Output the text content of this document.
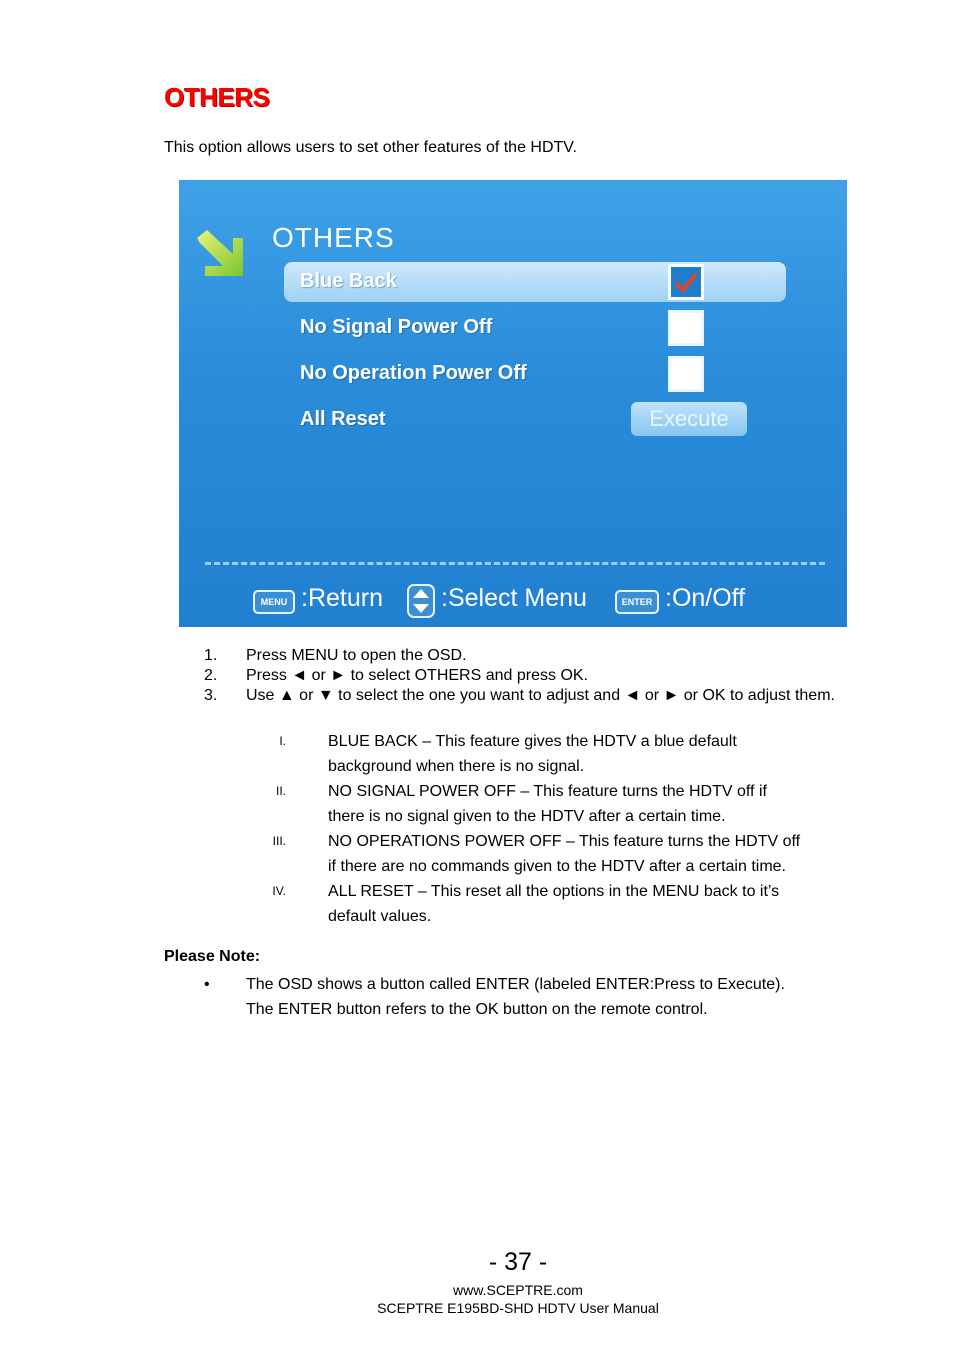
OTHERS
This option allows users to set other features of the HDTV.
OTHERS
Blue Back
No Signal Power Off
No Operation Power Off
All Reset	Execute
MENU :Return :Select Menu	ENTER :On/Off
1. Press MENU to open the OSD.
2. Press ◄ or ► to select OTHERS and press OK.
3. Use ▲ or ▼ to select the one you want to adjust and ◄ or ► or OK to adjust them.
I.	BLUE BACK – This feature gives the HDTV a blue default
background when there is no signal.
II.	NO SIGNAL POWER OFF – This feature turns the HDTV off if
there is no signal given to the HDTV after a certain time.
III.	NO OPERATIONS POWER OFF – This feature turns the HDTV off
if there are no commands given to the HDTV after a certain time.
IV.	ALL RESET – This reset all the options in the MENU back to it’s
default values.
Please Note:
• The OSD shows a button called ENTER (labeled ENTER:Press to Execute).
The ENTER button refers to the OK button on the remote control.
- 37 -
www.SCEPTRE.com
SCEPTRE E195BD-SHD HDTV User Manual
